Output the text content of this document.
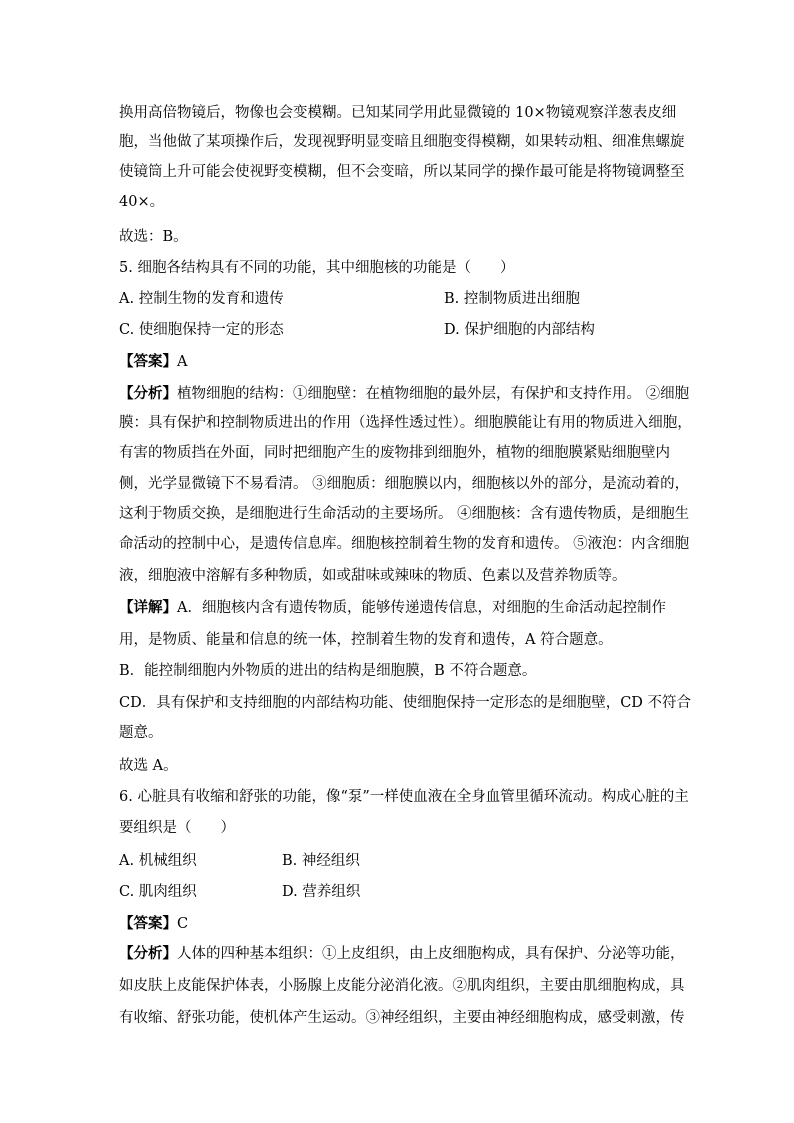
换用高倍物镜后，物像也会变模糊。已知某同学用此显微镜的 10×物镜观察洋葱表皮细
胞，当他做了某项操作后，发现视野明显变暗且细胞变得模糊，如果转动粗、细准焦螺旋
使镜筒上升可能会使视野变模糊，但不会变暗，所以某同学的操作最可能是将物镜调整至
40×。
故选：B。
5. 细胞各结构具有不同的功能，其中细胞核的功能是（　　）
A. 控制生物的发育和遗传	B. 控制物质进出细胞
C. 使细胞保持一定的形态	D. 保护细胞的内部结构
【答案】A
【分析】植物细胞的结构：①细胞壁：在植物细胞的最外层，有保护和支持作用。 ②细胞
膜：具有保护和控制物质进出的作用（选择性透过性）。细胞膜能让有用的物质进入细胞，
有害的物质挡在外面，同时把细胞产生的废物排到细胞外，植物的细胞膜紧贴细胞壁内
侧，光学显微镜下不易看清。 ③细胞质：细胞膜以内，细胞核以外的部分，是流动着的，
这利于物质交换，是细胞进行生命活动的主要场所。 ④细胞核：含有遗传物质，是细胞生
命活动的控制中心，是遗传信息库。细胞核控制着生物的发育和遗传。 ⑤液泡：内含细胞
液，细胞液中溶解有多种物质，如或甜味或辣味的物质、色素以及营养物质等。
【详解】A．细胞核内含有遗传物质，能够传递遗传信息，对细胞的生命活动起控制作
用，是物质、能量和信息的统一体，控制着生物的发育和遗传，A 符合题意。
B．能控制细胞内外物质的进出的结构是细胞膜，B 不符合题意。
CD．具有保护和支持细胞的内部结构功能、使细胞保持一定形态的是细胞壁，CD 不符合
题意。
故选 A。
6. 心脏具有收缩和舒张的功能，像“泵”一样使血液在全身血管里循环流动。构成心脏的主
要组织是（　　）
A. 机械组织	B. 神经组织
C. 肌肉组织	D. 营养组织
【答案】C
【分析】人体的四种基本组织：①上皮组织，由上皮细胞构成，具有保护、分泌等功能，
如皮肤上皮能保护体表，小肠腺上皮能分泌消化液。②肌肉组织，主要由肌细胞构成，具
有收缩、舒张功能，使机体产生运动。③神经组织，主要由神经细胞构成，感受刺激，传
